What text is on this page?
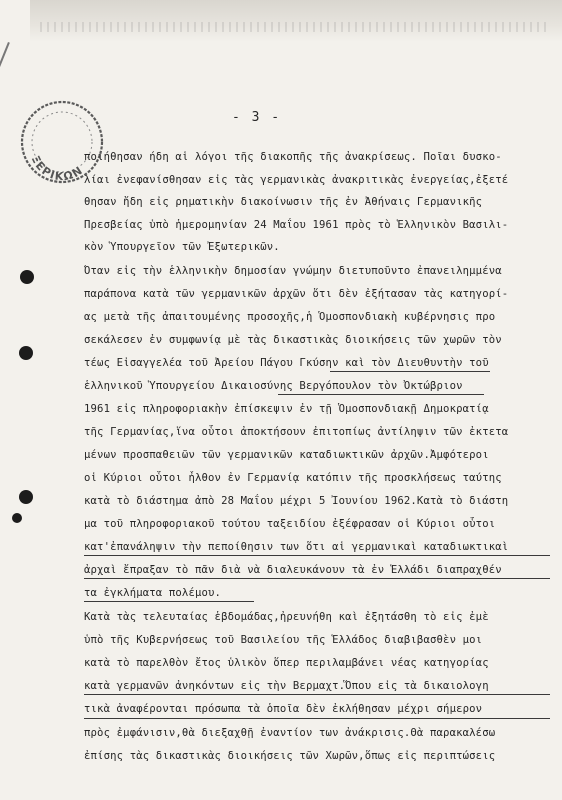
ΞΕΡΙΚΩΝ
- 3 -
ποιήθησαν ήδη αἱ λόγοι τῆς διακοπῆς τῆς ἀνακρίσεως. Ποῖαι δυσκο-
λίαι ἐνεφανίσθησαν εἰς τὰς γερμανικὰς ἀνακριτικὰς ἐνεργείας,ἐξετέ
θησαν ἤδη εἰς ρηματικὴν διακοίνωσιν τῆς ἐν Ἀθήναις Γερμανικῆς
Πρεσβείας ὑπὸ ἡμερομηνίαν 24 Μαΐου 1961 πρὸς τὸ Ἑλληνικὸν Βασιλι-
κὸν Ὑπουργεῖον τῶν Ἐξωτερικῶν.
Ὅταν εἰς τὴν ἑλληνικὴν δημοσίαν γνώμην διετυποῦντο ἐπανειλημμένα
παράπονα κατὰ τῶν γερμανικῶν ἀρχῶν ὅτι δὲν ἐξήτασαν τὰς κατηγορί-
ας μετὰ τῆς ἀπαιτουμένης προσοχῆς,ἡ Ὁμοσπονδιακὴ κυβέρνησις προ
σεκάλεσεν ἐν συμφωνίᾳ μὲ τὰς δικαστικὰς διοικήσεις τῶν χωρῶν τὸν
τέως Εἰσαγγελέα τοῦ Ἀρείου Πάγου Γκύσην καὶ τὸν Διευθυντὴν τοῦ
ἑλληνικοῦ Ὑπουργείου Δικαιοσύνης Βεργόπουλον τὸν Ὀκτώβριον
1961 εἰς πληροφοριακὴν ἐπίσκεψιν ἐν τῇ Ὁμοσπονδιακῇ Δημοκρατίᾳ
τῆς Γερμανίας,ἵνα οὗτοι ἀποκτήσουν ἐπιτοπίως ἀντίληψιν τῶν ἐκτετα
μένων προσπαθειῶν τῶν γερμανικῶν καταδιωκτικῶν ἀρχῶν.Ἀμφότεροι
οἱ Κύριοι οὗτοι ἦλθον ἐν Γερμανίᾳ κατόπιν τῆς προσκλήσεως ταύτης
κατὰ τὸ διάστημα ἀπὸ 28 Μαΐου μέχρι 5 Ἰουνίου 1962.Κατὰ τὸ διάστη
μα τοῦ πληροφοριακοῦ τούτου ταξειδίου ἐξέφρασαν οἱ Κύριοι οὗτοι
κατ'ἐπανάληψιν τὴν πεποίθησιν των ὅτι αἱ γερμανικαὶ καταδιωκτικαὶ
ἀρχαὶ ἔπραξαν τὸ πᾶν διὰ νὰ διαλευκάνουν τὰ ἐν Ἑλλάδι διαπραχθέν
τα ἐγκλήματα πολέμου.
Κατὰ τὰς τελευταίας ἑβδομάδας,ἠρευνήθη καὶ ἐξητάσθη τὸ εἰς ἐμὲ
ὑπὸ τῆς Κυβερνήσεως τοῦ Βασιλείου τῆς Ἑλλάδος διαβιβασθὲν μοι
κατὰ τὸ παρελθὸν ἔτος ὑλικὸν ὅπερ περιλαμβάνει νέας κατηγορίας
κατὰ γερμανῶν ἀνηκόντων εἰς τὴν Βερμαχτ.Ὅπου εἰς τὰ δικαιολογη
τικὰ ἀναφέρονται πρόσωπα τὰ ὁποῖα δὲν ἐκλήθησαν μέχρι σήμερον
πρὸς ἐμφάνισιν,θὰ διεξαχθῇ ἐναντίον των ἀνάκρισις.Θὰ παρακαλέσω
ἐπίσης τὰς δικαστικὰς διοικήσεις τῶν Χωρῶν,ὅπως εἰς περιπτώσεις
